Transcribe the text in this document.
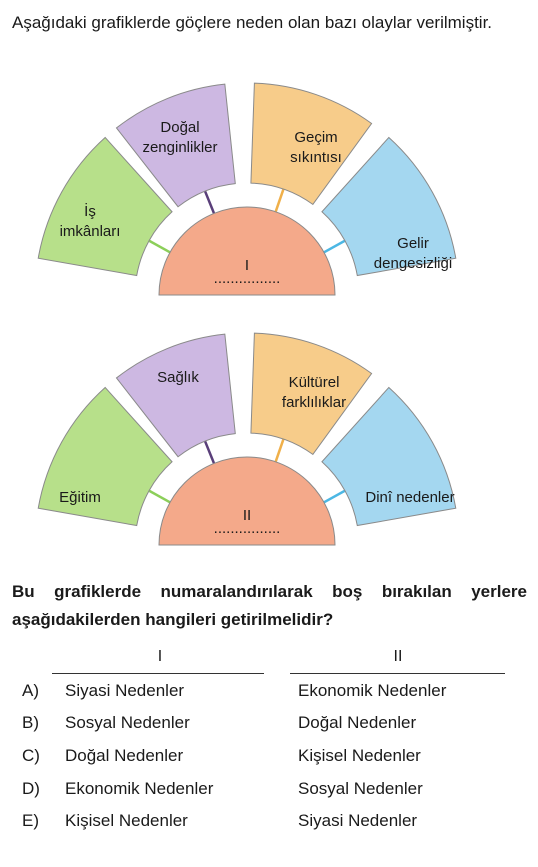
Aşağıdaki grafiklerde göçlere neden olan bazı olaylar verilmiştir.
İş imkânları
Doğal zenginlikler
Geçim sıkıntısı
Gelir dengesizliği
I
................
Eğitim
Sağlık	Kültürel farklılıklar
Dinî nedenler
II
................
Bu grafiklerde numaralandırılarak boş bırakılan yerlere aşağıdakilerden hangileri getirilmelidir?
I	II
A) Siyasi Nedenler	Ekonomik Nedenler
B) Sosyal Nedenler	Doğal Nedenler
C) Doğal Nedenler	Kişisel Nedenler
D) Ekonomik Nedenler	Sosyal Nedenler
E) Kişisel Nedenler	Siyasi Nedenler
